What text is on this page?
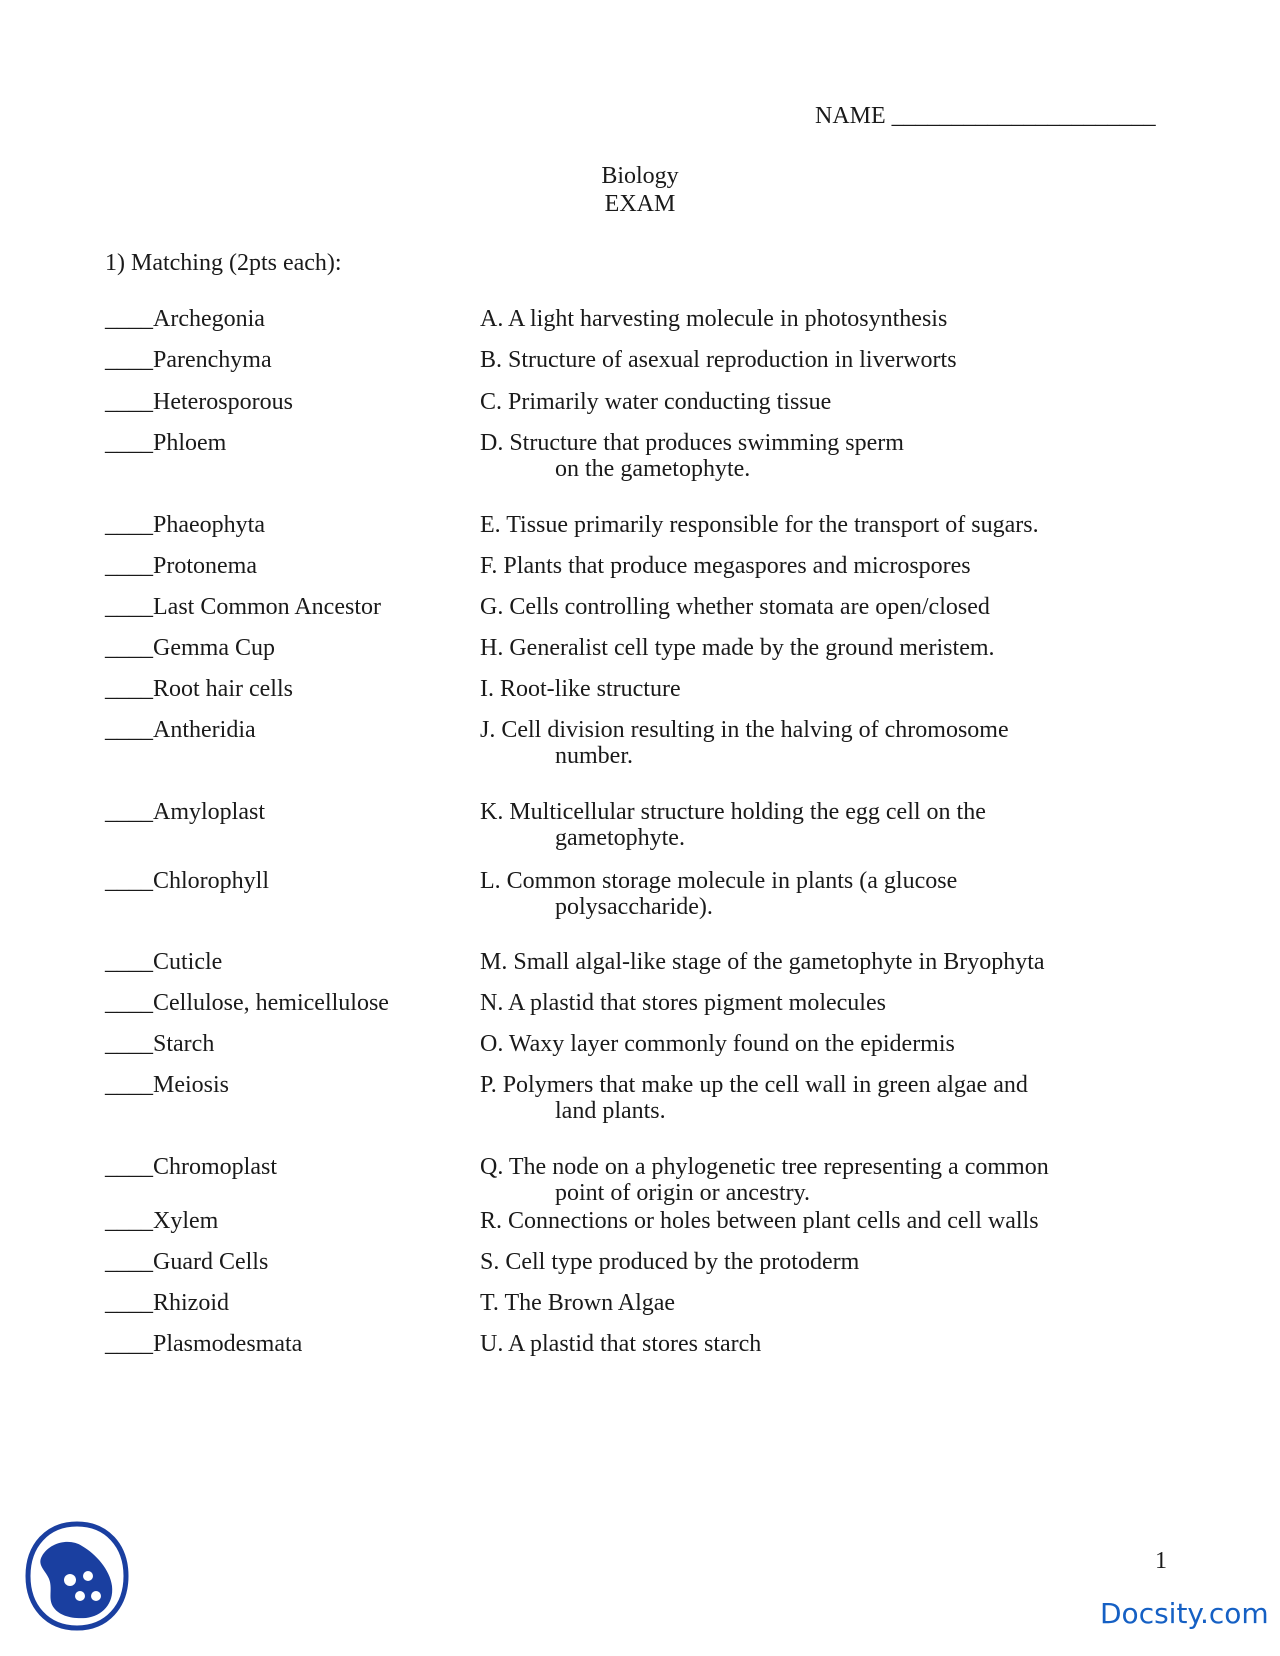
NAME ______________________
Biology
EXAM
1) Matching (2pts each):
____Archegonia	A. A light harvesting molecule in photosynthesis
____Parenchyma	B. Structure of asexual reproduction in liverworts
____Heterosporous	C. Primarily water conducting tissue
____Phloem	D. Structure that produces swimming sperm
on the gametophyte.
____Phaeophyta	E. Tissue primarily responsible for the transport of sugars.
____Protonema	F. Plants that produce megaspores and microspores
____Last Common Ancestor	G. Cells controlling whether stomata are open/closed
____Gemma Cup	H. Generalist cell type made by the ground meristem.
____Root hair cells	I. Root-like structure
____Antheridia	J. Cell division resulting in the halving of chromosome
number.
____Amyloplast	K. Multicellular structure holding the egg cell on the
gametophyte.
____Chlorophyll	L. Common storage molecule in plants (a glucose
polysaccharide).
____Cuticle	M. Small algal-like stage of the gametophyte in Bryophyta
____Cellulose, hemicellulose	N. A plastid that stores pigment molecules
____Starch	O. Waxy layer commonly found on the epidermis
____Meiosis	P. Polymers that make up the cell wall in green algae and
land plants.
____Chromoplast	Q. The node on a phylogenetic tree representing a common
point of origin or ancestry.
____Xylem	R. Connections or holes between plant cells and cell walls
____Guard Cells	S. Cell type produced by the protoderm
____Rhizoid	T. The Brown Algae
____Plasmodesmata	U. A plastid that stores starch
1
Docsity.com
